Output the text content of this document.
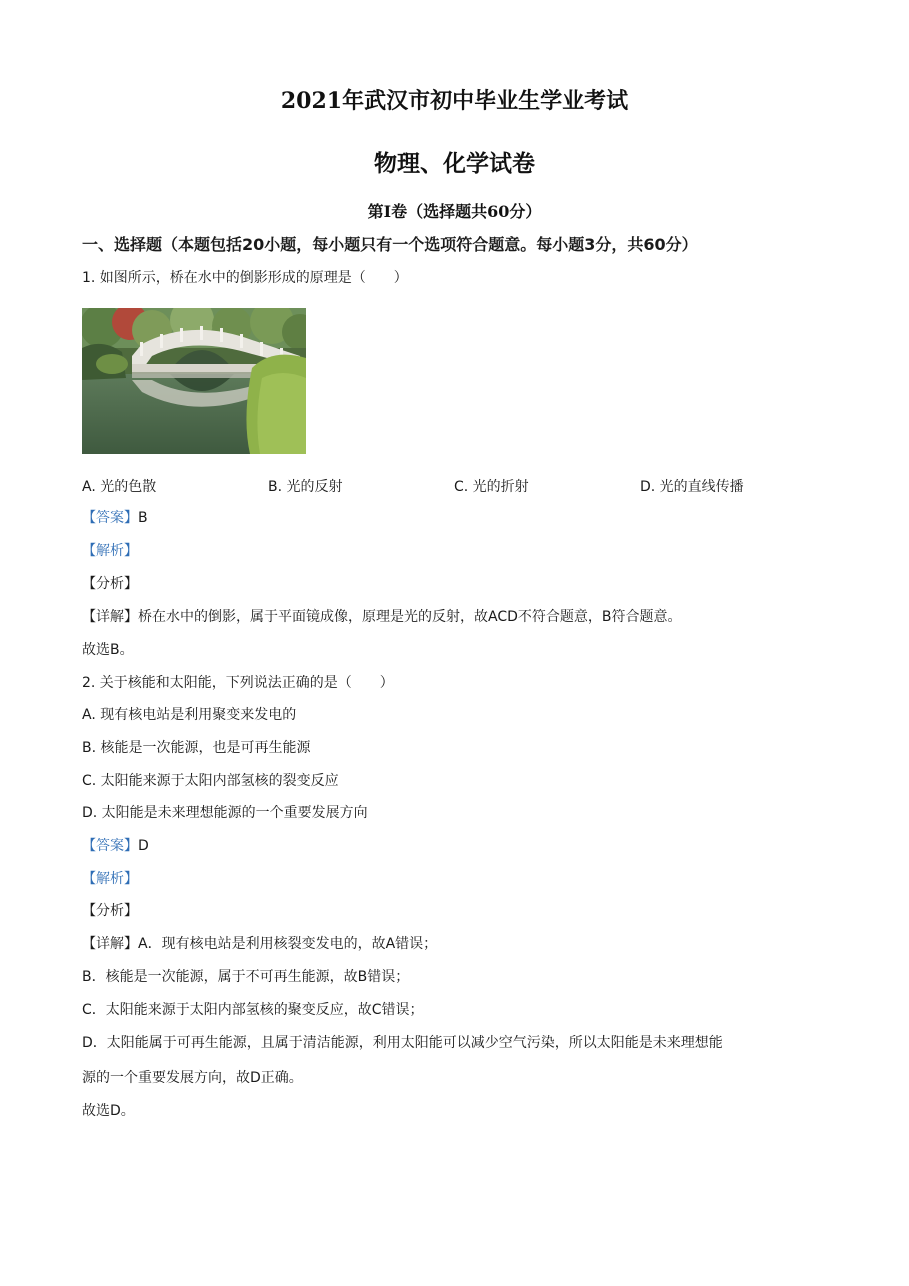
2021年武汉市初中毕业生学业考试
物理、化学试卷
第I卷（选择题共60分）
一、选择题（本题包括20小题，每小题只有一个选项符合题意。每小题3分，共60分）
1. 如图所示，桥在水中的倒影形成的原理是（　　）
A. 光的色散	B. 光的反射	C. 光的折射	D. 光的直线传播
【答案】B
【解析】
【分析】
【详解】桥在水中的倒影，属于平面镜成像，原理是光的反射，故ACD不符合题意，B符合题意。
故选B。
2. 关于核能和太阳能，下列说法正确的是（　　）
A. 现有核电站是利用聚变来发电的
B. 核能是一次能源，也是可再生能源
C. 太阳能来源于太阳内部氢核的裂变反应
D. 太阳能是未来理想能源的一个重要发展方向
【答案】D
【解析】
【分析】
【详解】A．现有核电站是利用核裂变发电的，故A错误；
B．核能是一次能源，属于不可再生能源，故B错误；
C．太阳能来源于太阳内部氢核的聚变反应，故C错误；
D．太阳能属于可再生能源，且属于清洁能源，利用太阳能可以减少空气污染，所以太阳能是未来理想能
源的一个重要发展方向，故D正确。
故选D。
